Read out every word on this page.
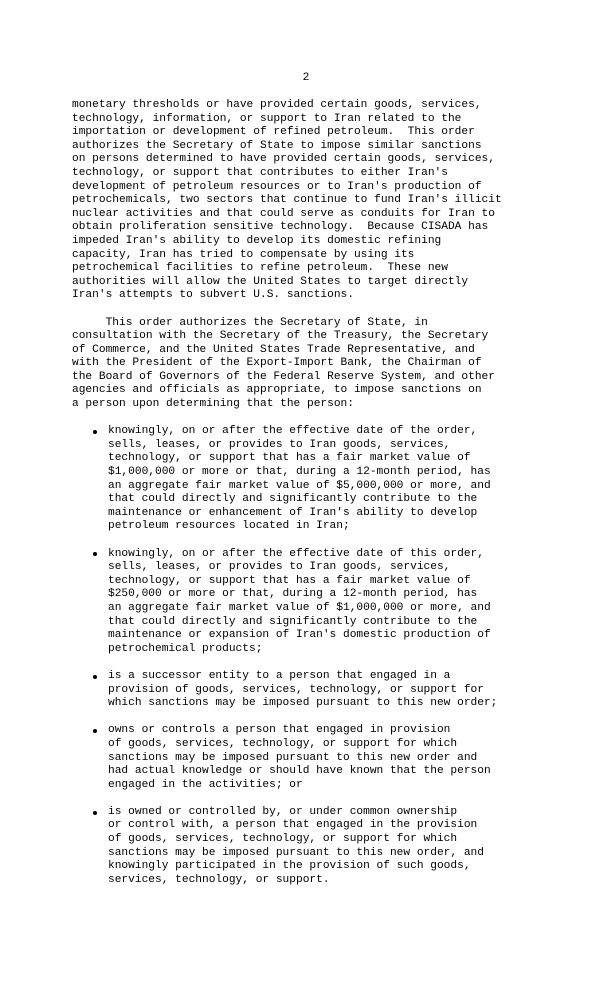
2
monetary thresholds or have provided certain goods, services,
technology, information, or support to Iran related to the
importation or development of refined petroleum.  This order
authorizes the Secretary of State to impose similar sanctions
on persons determined to have provided certain goods, services,
technology, or support that contributes to either Iran's
development of petroleum resources or to Iran's production of
petrochemicals, two sectors that continue to fund Iran's illicit
nuclear activities and that could serve as conduits for Iran to
obtain proliferation sensitive technology.  Because CISADA has
impeded Iran's ability to develop its domestic refining
capacity, Iran has tried to compensate by using its
petrochemical facilities to refine petroleum.  These new
authorities will allow the United States to target directly
Iran's attempts to subvert U.S. sanctions.
This order authorizes the Secretary of State, in
consultation with the Secretary of the Treasury, the Secretary
of Commerce, and the United States Trade Representative, and
with the President of the Export-Import Bank, the Chairman of
the Board of Governors of the Federal Reserve System, and other
agencies and officials as appropriate, to impose sanctions on
a person upon determining that the person:
knowingly, on or after the effective date of the order,
sells, leases, or provides to Iran goods, services,
technology, or support that has a fair market value of
$1,000,000 or more or that, during a 12-month period, has
an aggregate fair market value of $5,000,000 or more, and
that could directly and significantly contribute to the
maintenance or enhancement of Iran's ability to develop
petroleum resources located in Iran;
knowingly, on or after the effective date of this order,
sells, leases, or provides to Iran goods, services,
technology, or support that has a fair market value of
$250,000 or more or that, during a 12-month period, has
an aggregate fair market value of $1,000,000 or more, and
that could directly and significantly contribute to the
maintenance or expansion of Iran's domestic production of
petrochemical products;
is a successor entity to a person that engaged in a
provision of goods, services, technology, or support for
which sanctions may be imposed pursuant to this new order;
owns or controls a person that engaged in provision
of goods, services, technology, or support for which
sanctions may be imposed pursuant to this new order and
had actual knowledge or should have known that the person
engaged in the activities; or
is owned or controlled by, or under common ownership
or control with, a person that engaged in the provision
of goods, services, technology, or support for which
sanctions may be imposed pursuant to this new order, and
knowingly participated in the provision of such goods,
services, technology, or support.
